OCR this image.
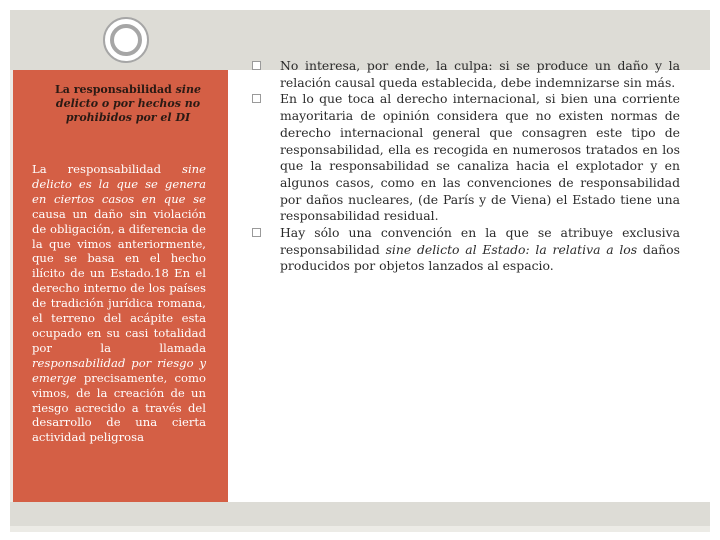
La responsabilidad sine delicto o por hechos no prohibidos por el DI
La responsabilidad sine delicto es la que se genera en ciertos casos en que se causa un daño sin violación de obligación, a diferencia de la que vimos anteriormente, que se basa en el hecho ilícito de un Estado.18 En el derecho interno de los países de tradición jurídica romana, el terreno del acápite esta ocupado en su casi totalidad por la llamada responsabilidad por riesgo y emerge precisamente, como vimos, de la creación de un riesgo acrecido a través del desarrollo de una cierta actividad peligrosa
No interesa, por ende, la culpa: si se produce un daño y la relación causal queda establecida, debe indemnizarse sin más.
En lo que toca al derecho internacional, si bien una corriente mayoritaria de opinión considera que no existen normas de derecho internacional general que consagren este tipo de responsabilidad, ella es recogida en numerosos tratados en los que la responsabilidad se canaliza hacia el explotador y en algunos casos, como en las convenciones de responsabilidad por daños nucleares, (de París y de Viena) el Estado tiene una responsabilidad residual.
Hay sólo una convención en la que se atribuye exclusiva responsabilidad sine delicto al Estado: la relativa a los daños producidos por objetos lanzados al espacio.
